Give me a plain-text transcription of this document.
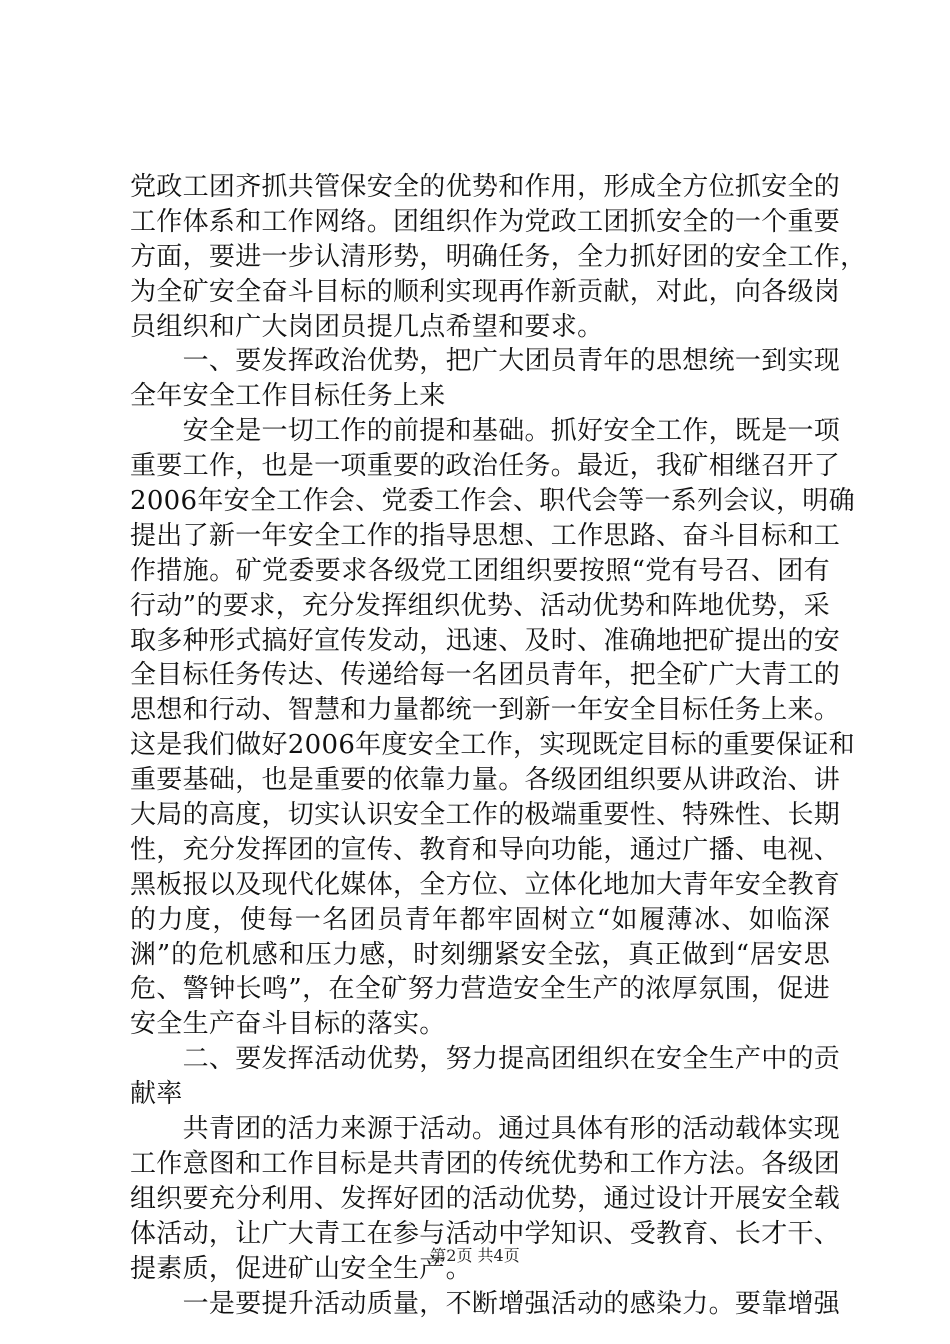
党政工团齐抓共管保安全的优势和作用，形成全方位抓安全的
工作体系和工作网络。团组织作为党政工团抓安全的一个重要
方面，要进一步认清形势，明确任务，全力抓好团的安全工作，
为全矿安全奋斗目标的顺利实现再作新贡献，对此，向各级岗
员组织和广大岗团员提几点希望和要求。
　　一、要发挥政治优势，把广大团员青年的思想统一到实现
全年安全工作目标任务上来
　　安全是一切工作的前提和基础。抓好安全工作，既是一项
重要工作，也是一项重要的政治任务。最近，我矿相继召开了
2006年安全工作会、党委工作会、职代会等一系列会议，明确
提出了新一年安全工作的指导思想、工作思路、奋斗目标和工
作措施。矿党委要求各级党工团组织要按照“党有号召、团有
行动”的要求，充分发挥组织优势、活动优势和阵地优势，采
取多种形式搞好宣传发动，迅速、及时、准确地把矿提出的安
全目标任务传达、传递给每一名团员青年，把全矿广大青工的
思想和行动、智慧和力量都统一到新一年安全目标任务上来。
这是我们做好2006年度安全工作，实现既定目标的重要保证和
重要基础，也是重要的依靠力量。各级团组织要从讲政治、讲
大局的高度，切实认识安全工作的极端重要性、特殊性、长期
性，充分发挥团的宣传、教育和导向功能，通过广播、电视、
黑板报以及现代化媒体，全方位、立体化地加大青年安全教育
的力度，使每一名团员青年都牢固树立“如履薄冰、如临深
渊”的危机感和压力感，时刻绷紧安全弦，真正做到“居安思
危、警钟长鸣”，在全矿努力营造安全生产的浓厚氛围，促进
安全生产奋斗目标的落实。
　　二、要发挥活动优势，努力提高团组织在安全生产中的贡
献率
　　共青团的活力来源于活动。通过具体有形的活动载体实现
工作意图和工作目标是共青团的传统优势和工作方法。各级团
组织要充分利用、发挥好团的活动优势，通过设计开展安全载
体活动，让广大青工在参与活动中学知识、受教育、长才干、
提素质，促进矿山安全生产。
　　一是要提升活动质量，不断增强活动的感染力。要靠增强
第2页 共4页
